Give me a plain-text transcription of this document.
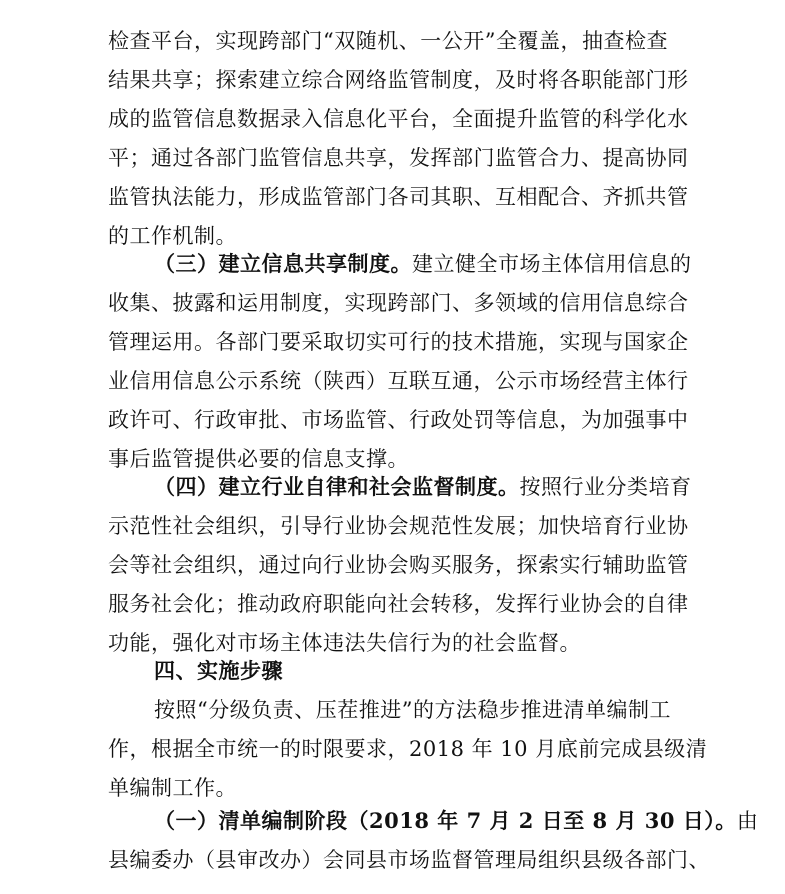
检查平台，实现跨部门“双随机、一公开”全覆盖，抽查检查
结果共享；探索建立综合网络监管制度，及时将各职能部门形
成的监管信息数据录入信息化平台，全面提升监管的科学化水
平；通过各部门监管信息共享，发挥部门监管合力、提高协同
监管执法能力，形成监管部门各司其职、互相配合、齐抓共管
的工作机制。
（三）建立信息共享制度。建立健全市场主体信用信息的
收集、披露和运用制度，实现跨部门、多领域的信用信息综合
管理运用。各部门要采取切实可行的技术措施，实现与国家企
业信用信息公示系统（陕西）互联互通，公示市场经营主体行
政许可、行政审批、市场监管、行政处罚等信息，为加强事中
事后监管提供必要的信息支撑。
（四）建立行业自律和社会监督制度。按照行业分类培育
示范性社会组织，引导行业协会规范性发展；加快培育行业协
会等社会组织，通过向行业协会购买服务，探索实行辅助监管
服务社会化；推动政府职能向社会转移，发挥行业协会的自律
功能，强化对市场主体违法失信行为的社会监督。
四、实施步骤
按照“分级负责、压茬推进”的方法稳步推进清单编制工
作，根据全市统一的时限要求，2018 年 10 月底前完成县级清
单编制工作。
（一）清单编制阶段（2018 年 7 月 2 日至 8 月 30 日）。由
县编委办（县审改办）会同县市场监督管理局组织县级各部门、
